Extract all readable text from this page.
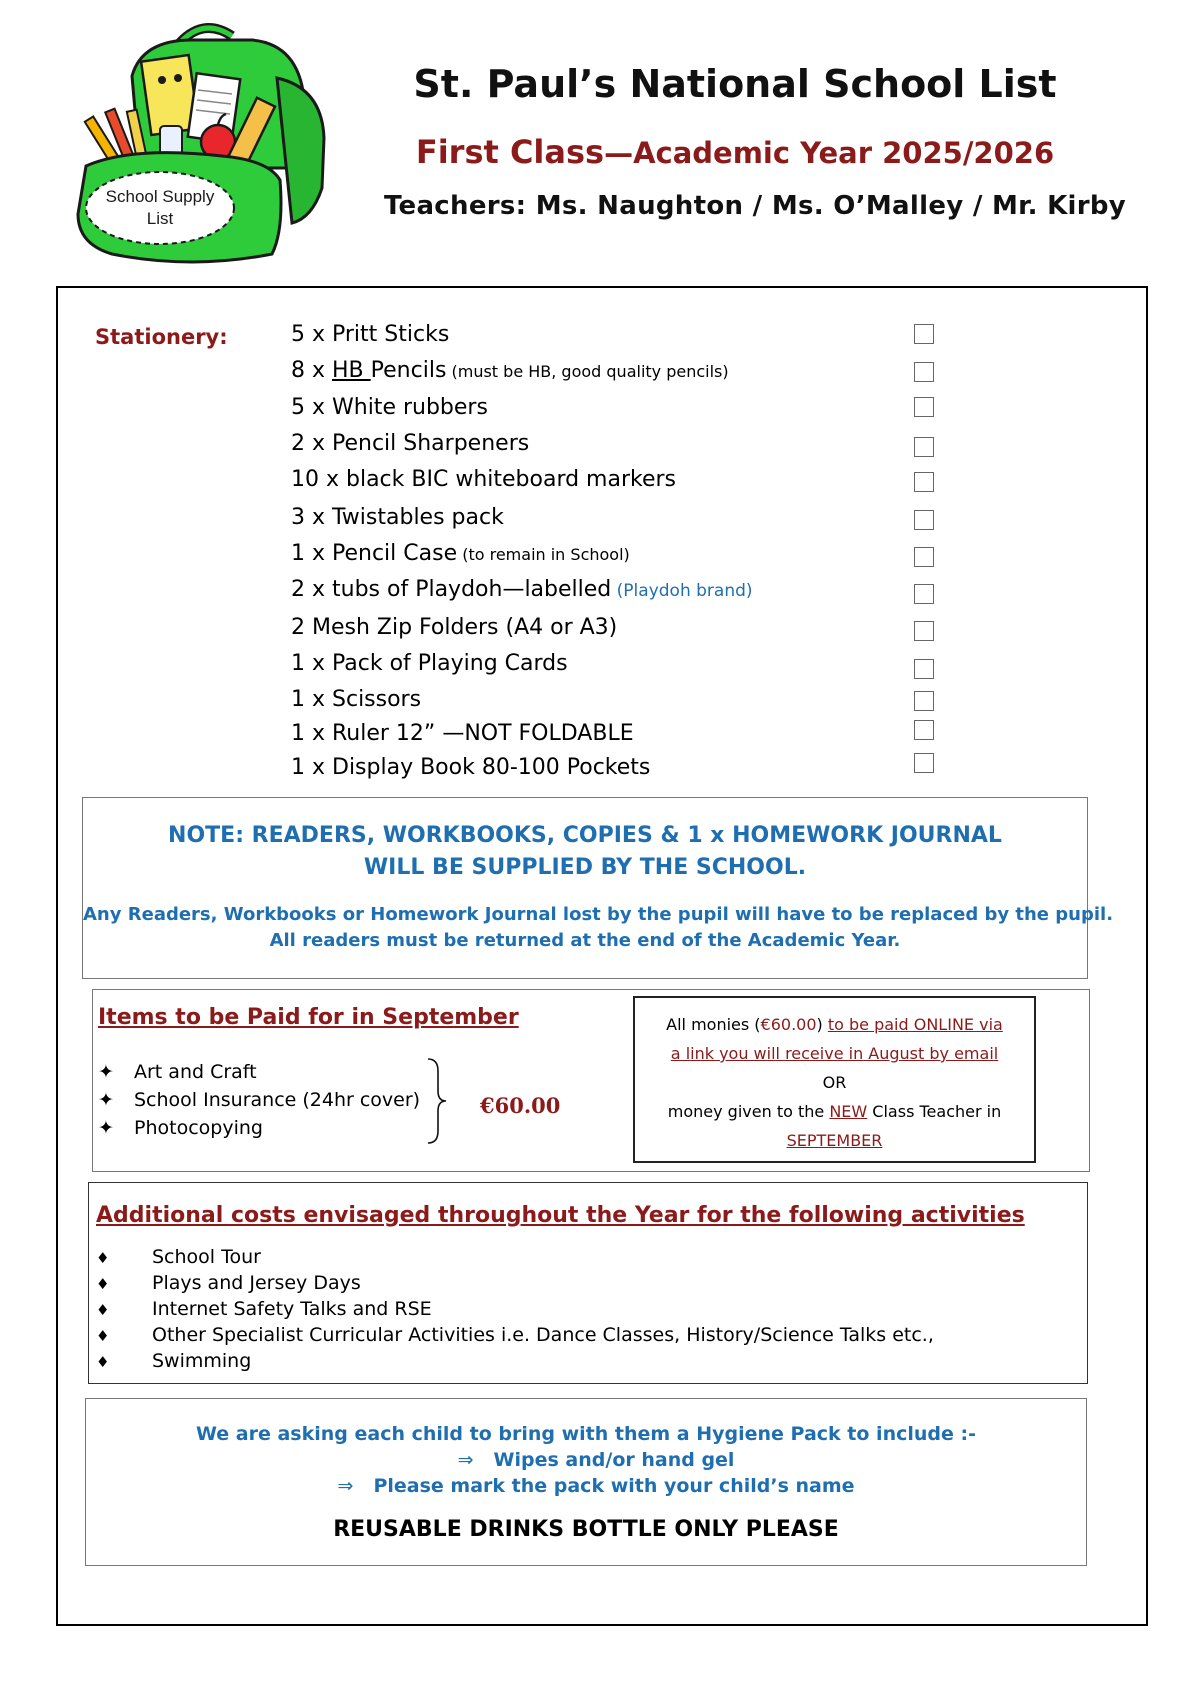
School Supply
List
St. Paul’s National School List
First Class—Academic Year 2025/2026
Teachers: Ms. Naughton / Ms. O’Malley / Mr. Kirby
Stationery:	5 x Pritt Sticks
8 x HB Pencils (must be HB, good quality pencils)
5 x White rubbers
2 x Pencil Sharpeners
10 x black BIC whiteboard markers
3 x Twistables pack
1 x Pencil Case (to remain in School)
2 x tubs of Playdoh—labelled (Playdoh brand)
2 Mesh Zip Folders (A4 or A3)
1 x Pack of Playing Cards
1 x Scissors
1 x Ruler 12” —NOT FOLDABLE
1 x Display Book 80-100 Pockets
NOTE: READERS, WORKBOOKS, COPIES & 1 x HOMEWORK JOURNAL
WILL BE SUPPLIED BY THE SCHOOL.
Any Readers, Workbooks or Homework Journal lost by the pupil will have to be replaced by the pupil.
All readers must be returned at the end of the Academic Year.
Items to be Paid for in September
✦ Art and Craft
✦ School Insurance (24hr cover)
✦ Photocopying
€60.00
All monies (€60.00) to be paid ONLINE via
a link you will receive in August by email
OR
money given to the NEW Class Teacher in
SEPTEMBER
Additional costs envisaged throughout the Year for the following activities
♦ School Tour
♦ Plays and Jersey Days
♦ Internet Safety Talks and RSE
♦ Other Specialist Curricular Activities i.e. Dance Classes, History/Science Talks etc.,
♦ Swimming
We are asking each child to bring with them a Hygiene Pack to include :-
⇒ Wipes and/or hand gel
⇒ Please mark the pack with your child’s name
REUSABLE DRINKS BOTTLE ONLY PLEASE
